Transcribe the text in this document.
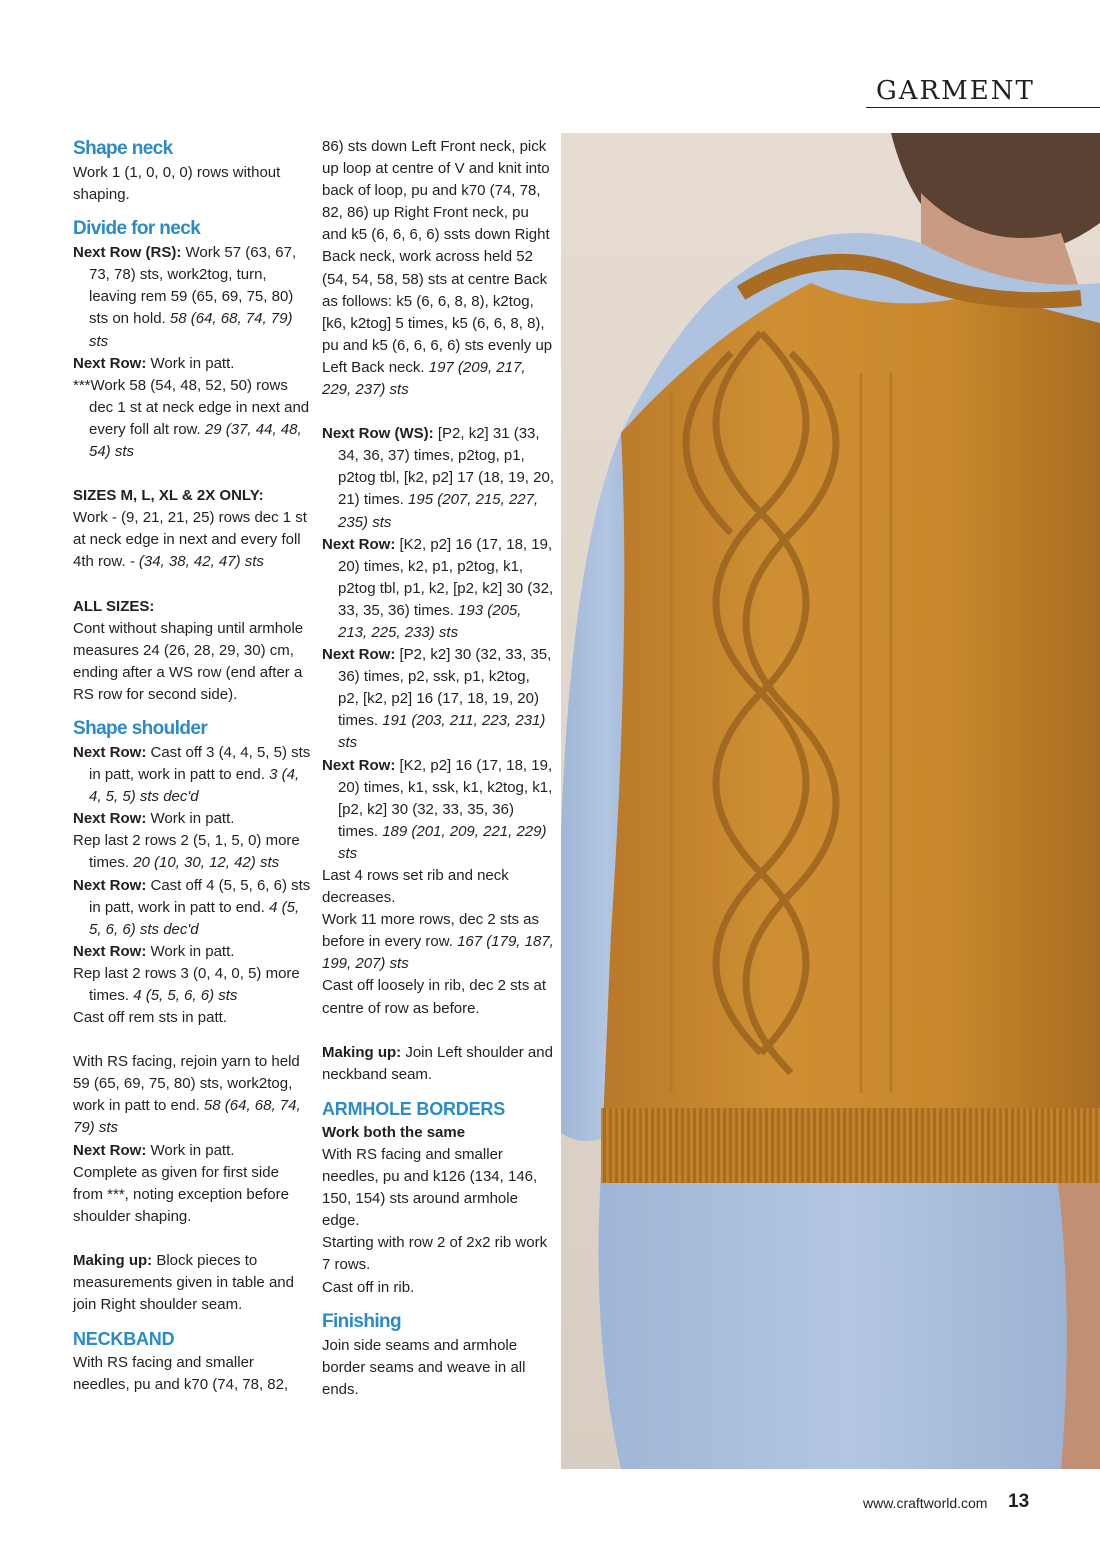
GARMENT

Shape neck

Work 1 (1, 0, 0, 0) rows without shaping.

Divide for neck

Next Row (RS): Work 57 (63, 67, 73, 78) sts, work2tog, turn, leaving rem 59 (65, 69, 75, 80) sts on hold. 58 (64, 68, 74, 79) sts

Next Row: Work in patt.

***Work 58 (54, 48, 52, 50) rows dec 1 st at neck edge in next and every foll alt row. 29 (37, 44, 48, 54) sts

SIZES M, L, XL & 2X ONLY:

Work - (9, 21, 21, 25) rows dec 1 st at neck edge in next and every foll 4th row. - (34, 38, 42, 47) sts

ALL SIZES:

Cont without shaping until armhole measures 24 (26, 28, 29, 30) cm, ending after a WS row (end after a RS row for second side).

Shape shoulder

Next Row: Cast off 3 (4, 4, 5, 5) sts in patt, work in patt to end. 3 (4, 4, 5, 5) sts dec'd

Next Row: Work in patt.

Rep last 2 rows 2 (5, 1, 5, 0) more times. 20 (10, 30, 12, 42) sts

Next Row: Cast off 4 (5, 5, 6, 6) sts in patt, work in patt to end. 4 (5, 5, 6, 6) sts dec'd

Next Row: Work in patt.

Rep last 2 rows 3 (0, 4, 0, 5) more times. 4 (5, 5, 6, 6) sts

Cast off rem sts in patt.

With RS facing, rejoin yarn to held 59 (65, 69, 75, 80) sts, work2tog, work in patt to end. 58 (64, 68, 74, 79) sts

Next Row: Work in patt.

Complete as given for first side from ***, noting exception before shoulder shaping.

Making up: Block pieces to measurements given in table and join Right shoulder seam.

NECKBAND

With RS facing and smaller needles, pu and k70 (74, 78, 82,

86) sts down Left Front neck, pick up loop at centre of V and knit into back of loop, pu and k70 (74, 78, 82, 86) up Right Front neck, pu and k5 (6, 6, 6, 6) ssts down Right Back neck, work across held 52 (54, 54, 58, 58) sts at centre Back as follows: k5 (6, 6, 8, 8), k2tog, [k6, k2tog] 5 times, k5 (6, 6, 8, 8), pu and k5 (6, 6, 6, 6) sts evenly up Left Back neck. 197 (209, 217, 229, 237) sts

Next Row (WS): [P2, k2] 31 (33, 34, 36, 37) times, p2tog, p1, p2tog tbl, [k2, p2] 17 (18, 19, 20, 21) times. 195 (207, 215, 227, 235) sts

Next Row: [K2, p2] 16 (17, 18, 19, 20) times, k2, p1, p2tog, k1, p2tog tbl, p1, k2, [p2, k2] 30 (32, 33, 35, 36) times. 193 (205, 213, 225, 233) sts

Next Row: [P2, k2] 30 (32, 33, 35, 36) times, p2, ssk, p1, k2tog, p2, [k2, p2] 16 (17, 18, 19, 20) times. 191 (203, 211, 223, 231) sts

Next Row: [K2, p2] 16 (17, 18, 19, 20) times, k1, ssk, k1, k2tog, k1, [p2, k2] 30 (32, 33, 35, 36) times. 189 (201, 209, 221, 229) sts

Last 4 rows set rib and neck decreases.

Work 11 more rows, dec 2 sts as before in every row. 167 (179, 187, 199, 207) sts

Cast off loosely in rib, dec 2 sts at centre of row as before.

Making up: Join Left shoulder and neckband seam.

ARMHOLE BORDERS

Work both the same

With RS facing and smaller needles, pu and k126 (134, 146, 150, 154) sts around armhole edge.

Starting with row 2 of 2x2 rib work 7 rows.

Cast off in rib.

Finishing

Join side seams and armhole border seams and weave in all ends.

www.craftworld.com 13
